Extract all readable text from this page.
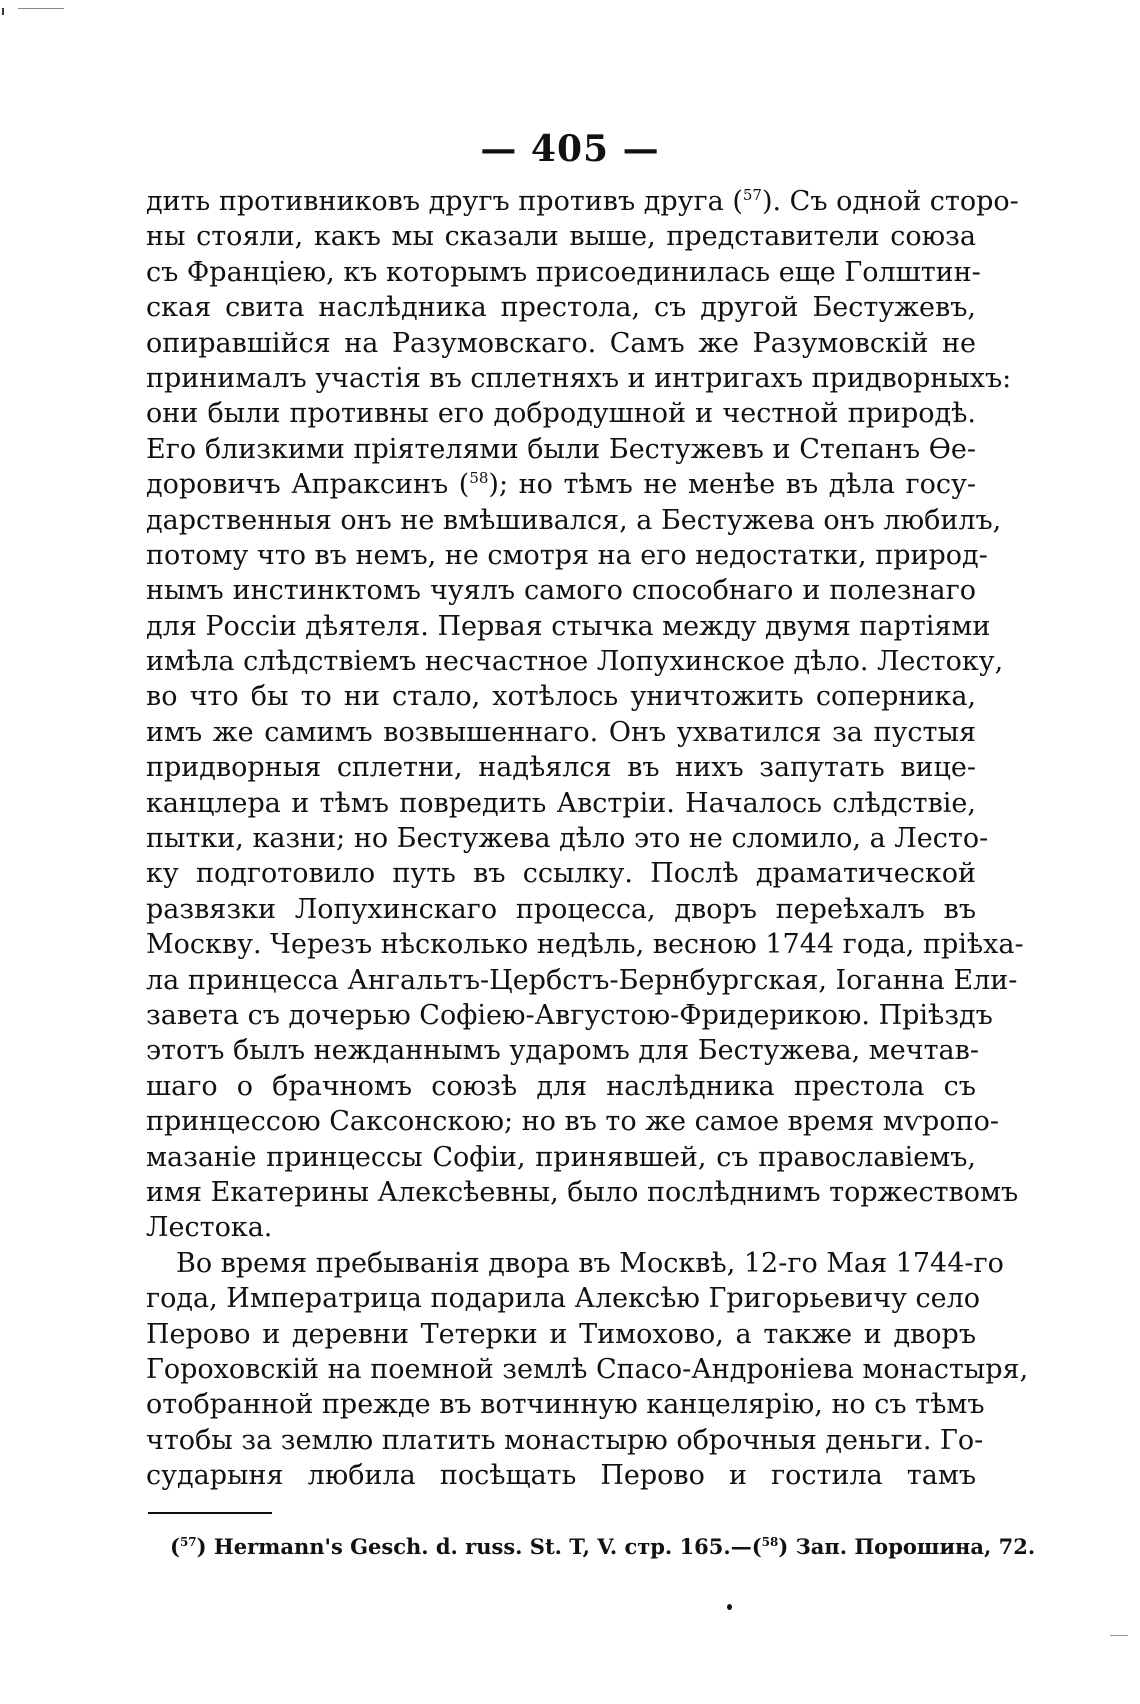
— 405 —
дить противниковъ другъ противъ друга ($^{57}$). Съ одной сторо-
ны стояли, какъ мы сказали выше, представители союза
съ Франціею, къ которымъ присоединилась еще Голштин-
ская свита наслѣдника престола, съ другой Бестужевъ,
опиравшійся на Разумовскаго. Самъ же Разумовскій не
принималъ участія въ сплетняхъ и интригахъ придворныхъ:
они были противны его добродушной и честной природѣ.
Его близкими пріятелями были Бестужевъ и Степанъ Ѳе-
доровичъ Апраксинъ ($^{58}$); но тѣмъ не менѣе въ дѣла госу-
дарственныя онъ не вмѣшивался, а Бестужева онъ любилъ,
потому что въ немъ, не смотря на его недостатки, природ-
нымъ инстинктомъ чуялъ самого способнаго и полезнаго
для Россіи дѣятеля. Первая стычка между двумя партіями
имѣла слѣдствіемъ несчастное Лопухинское дѣло. Лестоку,
во что бы то ни стало, хотѣлось уничтожить соперника,
имъ же самимъ возвышеннаго. Онъ ухватился за пустыя
придворныя сплетни, надѣялся въ нихъ запутать вице-
канцлера и тѣмъ повредить Австріи. Началось слѣдствіе,
пытки, казни; но Бестужева дѣло это не сломило, а Лесто-
ку подготовило путь въ ссылку. Послѣ драматической
развязки Лопухинскаго процесса, дворъ переѣхалъ въ
Москву. Черезъ нѣсколько недѣль, весною 1744 года, пріѣха-
ла принцесса Ангальтъ-Цербстъ-Бернбургская, Іоганна Ели-
завета съ дочерью Софіею-Августою-Фридерикою. Пріѣздъ
этотъ былъ нежданнымъ ударомъ для Бестужева, мечтав-
шаго о брачномъ союзѣ для наслѣдника престола съ
принцессою Саксонскою; но въ то же самое время мѵропо-
мазаніе принцессы Софіи, принявшей, съ православіемъ,
имя Екатерины Алексѣевны, было послѣднимъ торжествомъ
Лестока.
Во время пребыванія двора въ Москвѣ, 12-го Мая 1744-го
года, Императрица подарила Алексѣю Григорьевичу село
Перово и деревни Тетерки и Тимохово, а также и дворъ
Гороховскій на поемной землѣ Спасо-Андроніева монастыря,
отобранной прежде въ вотчинную канцелярію, но съ тѣмъ
чтобы за землю платить монастырю оброчныя деньги. Го-
сударыня любила посѣщать Перово и гостила тамъ
($^{57}$) Hermann's Gesch. d. russ. St. T, V. стр. 165.—($^{58}$) Зап. Порошина, 72.
